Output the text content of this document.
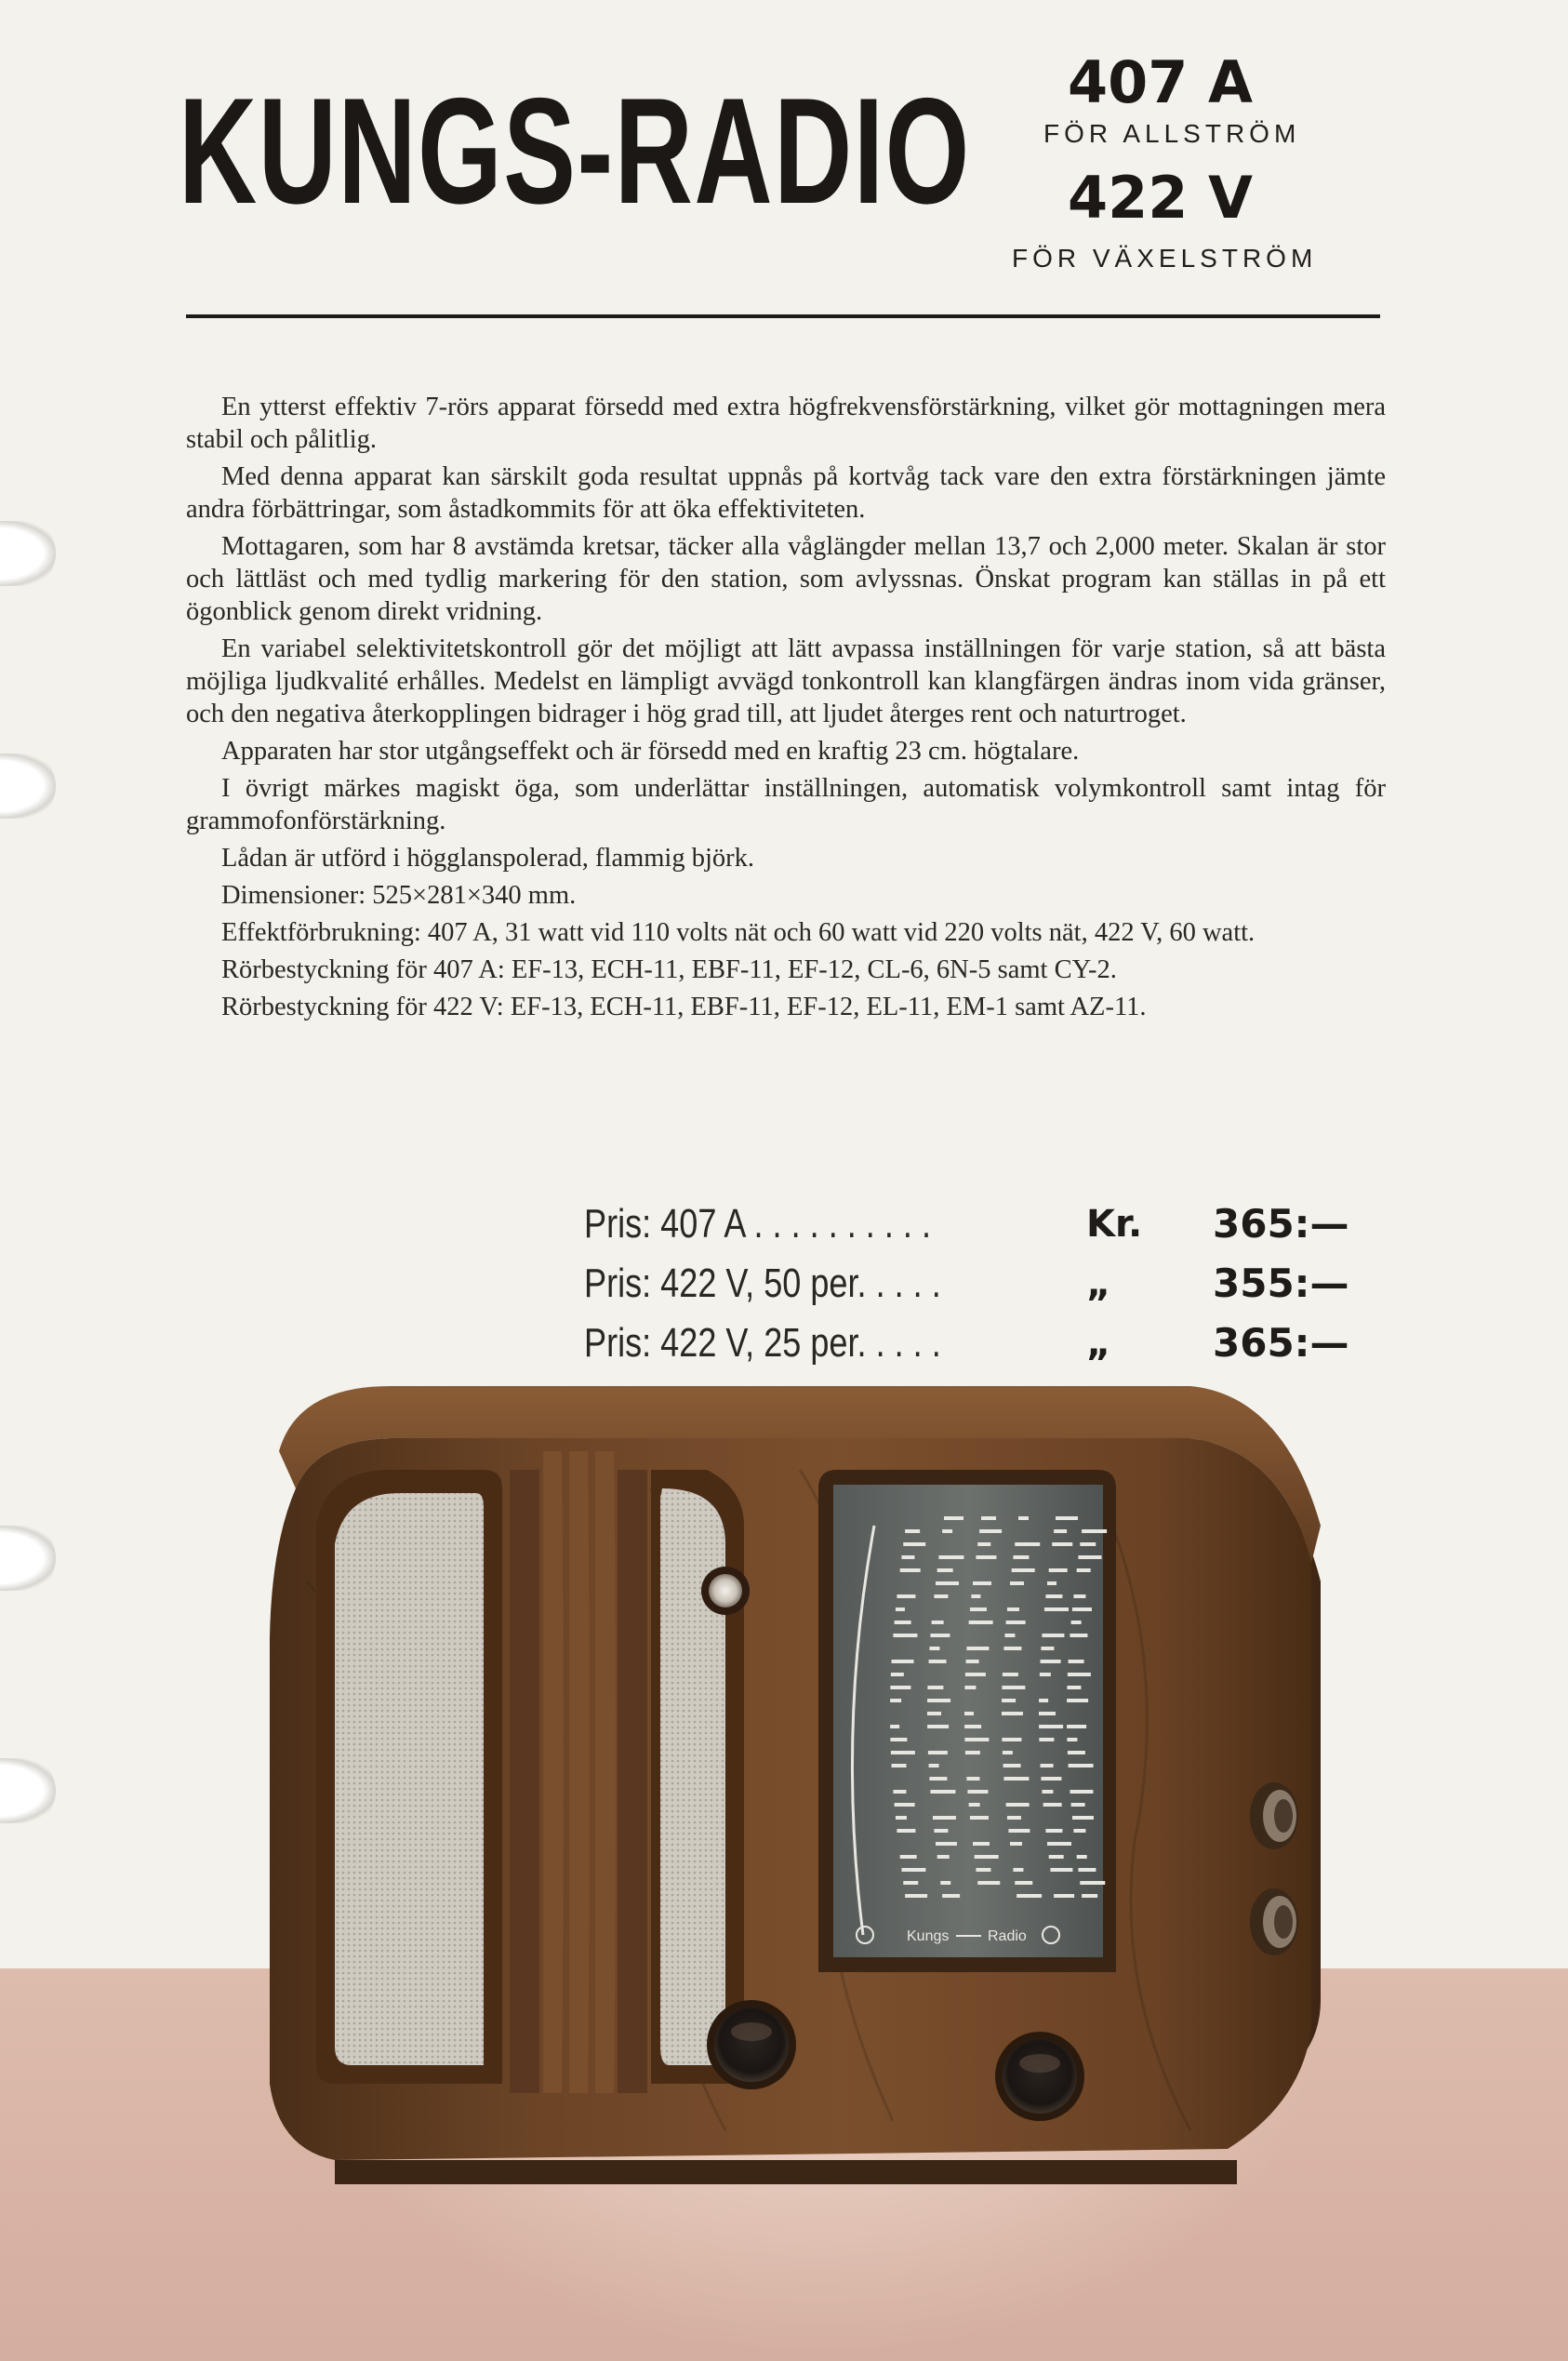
KUNGS-RADIO 407 A
FÖR ALLSTRÖM
422 V
FÖR VÄXELSTRÖM

En ytterst effektiv 7-rörs apparat försedd med extra högfrekvensförstärkning, vilket gör mottagningen mera stabil och pålitlig.

Med denna apparat kan särskilt goda resultat uppnås på kortvåg tack vare den extra förstärkningen jämte andra förbättringar, som åstadkommits för att öka effektiviteten.

Mottagaren, som har 8 avstämda kretsar, täcker alla våglängder mellan 13,7 och 2,000 meter. Skalan är stor och lättläst och med tydlig markering för den station, som avlyssnas. Önskat program kan ställas in på ett ögonblick genom direkt vridning.

En variabel selektivitetskontroll gör det möjligt att lätt avpassa inställningen för varje station, så att bästa möjliga ljudkvalité erhålles. Medelst en lämpligt avvägd tonkontroll kan klangfärgen ändras inom vida gränser, och den negativa återkopplingen bidrager i hög grad till, att ljudet återges rent och naturtroget.

Apparaten har stor utgångseffekt och är försedd med en kraftig 23 cm. högtalare.

I övrigt märkes magiskt öga, som underlättar inställningen, automatisk volymkontroll samt intag för grammofonförstärkning.

Lådan är utförd i högglanspolerad, flammig björk.

Dimensioner: 525×281×340 mm.

Effektförbrukning: 407 A, 31 watt vid 110 volts nät och 60 watt vid 220 volts nät, 422 V, 60 watt.

Rörbestyckning för 407 A: EF-13, ECH-11, EBF-11, EF-12, CL-6, 6N-5 samt CY-2.

Rörbestyckning för 422 V: EF-13, ECH-11, EBF-11, EF-12, EL-11, EM-1 samt AZ-11.

Pris: 407 A . . . . . . . . . .	Kr. 365:—
Pris: 422 V, 50 per. . . . .	„	355:—
Pris: 422 V, 25 per. . . . .	„	365:—
Kungs	Radio
